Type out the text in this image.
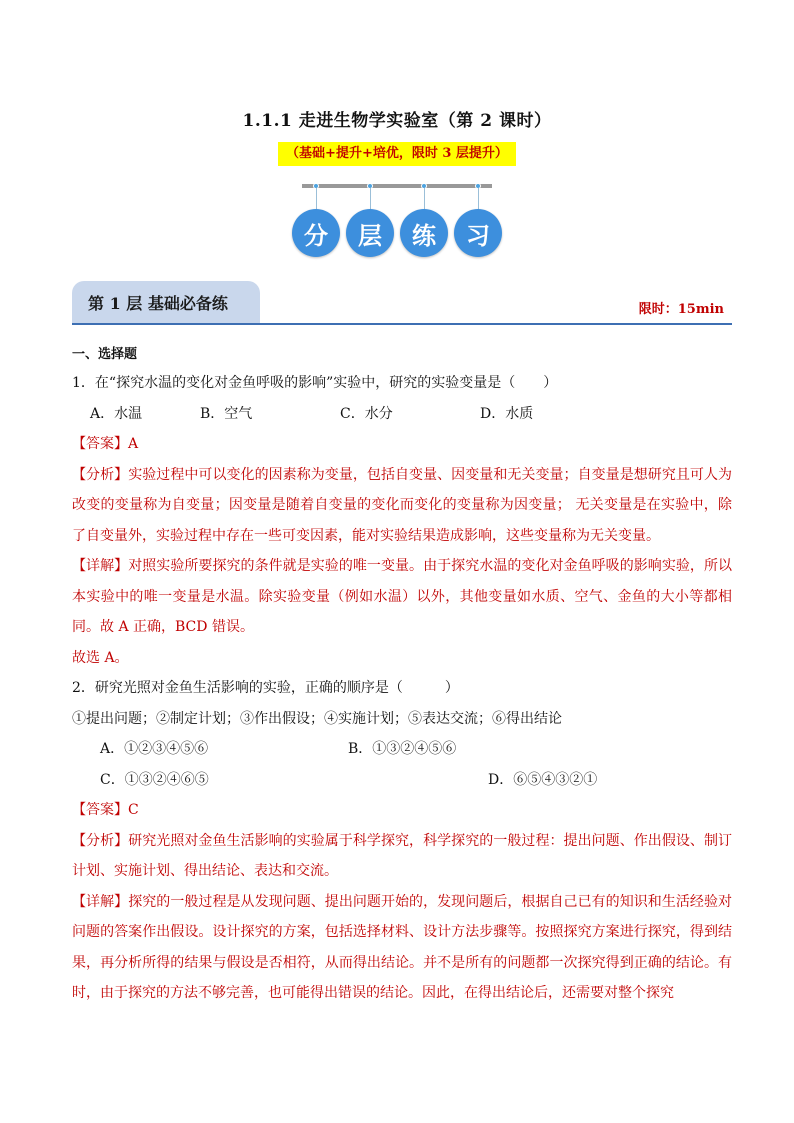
1.1.1 走进生物学实验室（第 2 课时）
（基础+提升+培优，限时 3 层提升）
分	层	练	习
第 1 层 基础必备练	限时：15min

一、选择题

1．在“探究水温的变化对金鱼呼吸的影响”实验中，研究的实验变量是（　　）

A．水温	B．空气	C．水分	D．水质

【答案】A

【分析】实验过程中可以变化的因素称为变量，包括自变量、因变量和无关变量；自变量是想研究且可人为改变的变量称为自变量；因变量是随着自变量的变化而变化的变量称为因变量； 无关变量是在实验中，除了自变量外，实验过程中存在一些可变因素，能对实验结果造成影响，这些变量称为无关变量。

【详解】对照实验所要探究的条件就是实验的唯一变量。由于探究水温的变化对金鱼呼吸的影响实验，所以本实验中的唯一变量是水温。除实验变量（例如水温）以外，其他变量如水质、空气、金鱼的大小等都相同。故 A 正确，BCD 错误。

故选 A。

2．研究光照对金鱼生活影响的实验，正确的顺序是（　　　）

①提出问题；②制定计划；③作出假设；④实施计划；⑤表达交流；⑥得出结论

A．①②③④⑤⑥	B．①③②④⑤⑥
C．①③②④⑥⑤	D．⑥⑤④③②①

【答案】C

【分析】研究光照对金鱼生活影响的实验属于科学探究，科学探究的一般过程：提出问题、作出假设、制订计划、实施计划、得出结论、表达和交流。

【详解】探究的一般过程是从发现问题、提出问题开始的，发现问题后，根据自己已有的知识和生活经验对问题的答案作出假设。设计探究的方案，包括选择材料、设计方法步骤等。按照探究方案进行探究，得到结果，再分析所得的结果与假设是否相符，从而得出结论。并不是所有的问题都一次探究得到正确的结论。有时，由于探究的方法不够完善，也可能得出错误的结论。因此，在得出结论后，还需要对整个探究
